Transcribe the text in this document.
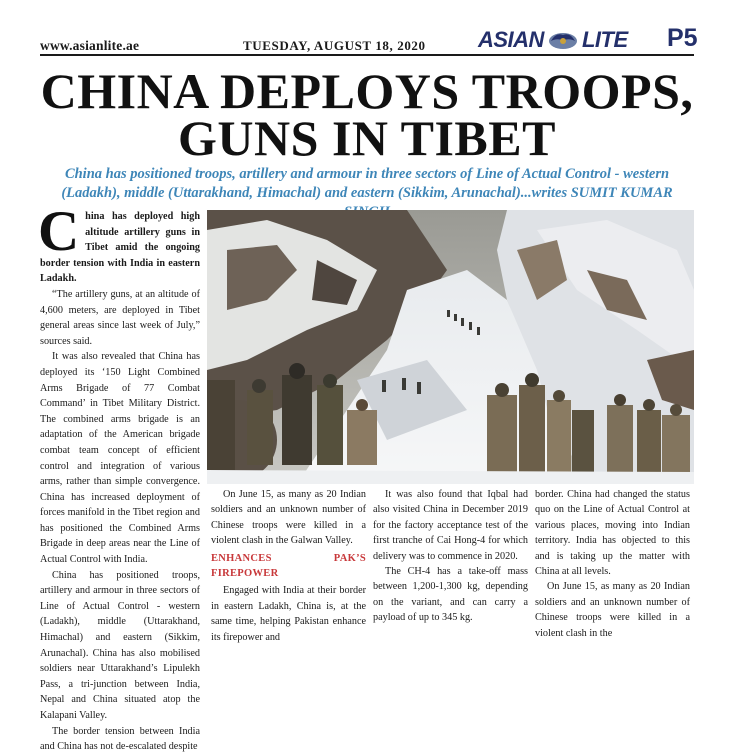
www.asianlite.ae	TUESDAY, AUGUST 18, 2020 ASIAN LITE P5
CHINA DEPLOYS TROOPS,
GUNS IN TIBET
China has positioned troops, artillery and armour in three sectors of Line of Actual Control - western (Ladakh), middle (Uttarakhand, Himachal) and eastern (Sikkim, Arunachal)...writes SUMIT KUMAR

China has deployed high altitude artillery guns in Tibet amid the ongoing border tension with India in eastern Ladakh.

“The artillery guns, at an altitude of 4,600 meters, are deployed in Tibet general areas since last week of July,” sources said.

It was also revealed that China has deployed its ‘150 Light Combined Arms Brigade of 77 Combat Command’ in Tibet Military District. The combined arms brigade is an adaptation of the American brigade combat team concept of efficient control and integration of various arms, rather than simple convergence. China has increased deployment of forces manifold in the Tibet region and has positioned the Combined Arms Brigade in deep areas near the Line of Actual Control with India.

China has positioned troops, artillery and armour in three sectors of Line of Actual Control - western (Ladakh), middle (Uttarakhand, Himachal) and eastern (Sikkim, Arunachal). China has also mobilised soldiers near Uttarakhand’s Lipulekh Pass, a tri-junction between India, Nepal and China situated atop the Kalapani Valley.

The border tension between India and China has not de-escalated despite

On June 15, as many as 20 Indian soldiers and an unknown number of Chinese troops were killed in a violent clash in the Galwan Valley.

ENHANCES PAK’S FIREPOWER

Engaged with India at their border in eastern Ladakh, China is, at the same time, helping Pakistan enhance its firepower and

It was also found that Iqbal had also visited China in December 2019 for the factory acceptance test of the first tranche of Cai Hong-4 for which delivery was to commence in 2020.

The CH-4 has a take-off mass between 1,200-1,300 kg, depending on the variant, and can carry a payload of up to 345 kg.

border. China had changed the status quo on the Line of Actual Control at various places, moving into Indian territory. India has objected to this and is taking up the matter with China at all levels.

On June 15, as many as 20 Indian soldiers and an unknown number of Chinese troops were killed in a violent clash in the
